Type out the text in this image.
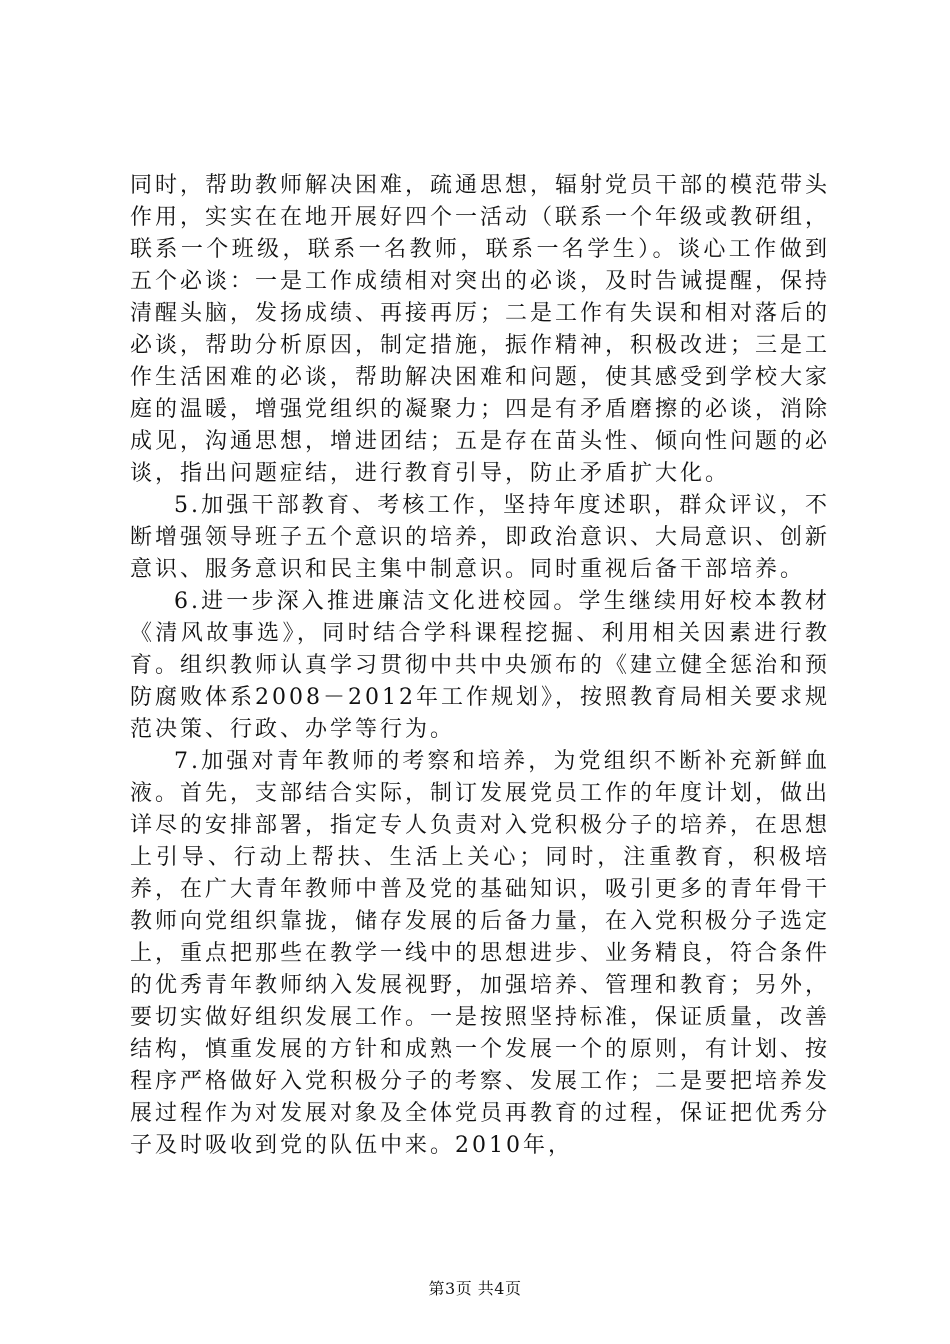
同时，帮助教师解决困难，疏通思想，辐射党员干部的模范带头作用，实实在在地开展好四个一活动（联系一个年级或教研组，联系一个班级，联系一名教师，联系一名学生）。谈心工作做到五个必谈：一是工作成绩相对突出的必谈，及时告诫提醒，保持清醒头脑，发扬成绩、再接再厉；二是工作有失误和相对落后的必谈，帮助分析原因，制定措施，振作精神，积极改进；三是工作生活困难的必谈，帮助解决困难和问题，使其感受到学校大家庭的温暖，增强党组织的凝聚力；四是有矛盾磨擦的必谈，消除成见，沟通思想，增进团结；五是存在苗头性、倾向性问题的必谈，指出问题症结，进行教育引导，防止矛盾扩大化。

5.加强干部教育、考核工作，坚持年度述职，群众评议，不断增强领导班子五个意识的培养，即政治意识、大局意识、创新意识、服务意识和民主集中制意识。同时重视后备干部培养。

6.进一步深入推进廉洁文化进校园。学生继续用好校本教材《清风故事选》，同时结合学科课程挖掘、利用相关因素进行教育。组织教师认真学习贯彻中共中央颁布的《建立健全惩治和预防腐败体系2008－2012年工作规划》，按照教育局相关要求规范决策、行政、办学等行为。

7.加强对青年教师的考察和培养，为党组织不断补充新鲜血液。首先，支部结合实际，制订发展党员工作的年度计划，做出详尽的安排部署，指定专人负责对入党积极分子的培养，在思想上引导、行动上帮扶、生活上关心；同时，注重教育，积极培养，在广大青年教师中普及党的基础知识，吸引更多的青年骨干教师向党组织靠拢，储存发展的后备力量，在入党积极分子选定上，重点把那些在教学一线中的思想进步、业务精良，符合条件的优秀青年教师纳入发展视野，加强培养、管理和教育；另外，要切实做好组织发展工作。一是按照坚持标准，保证质量，改善结构，慎重发展的方针和成熟一个发展一个的原则，有计划、按程序严格做好入党积极分子的考察、发展工作；二是要把培养发展过程作为对发展对象及全体党员再教育的过程，保证把优秀分子及时吸收到党的队伍中来。2010年，

第3页 共4页
